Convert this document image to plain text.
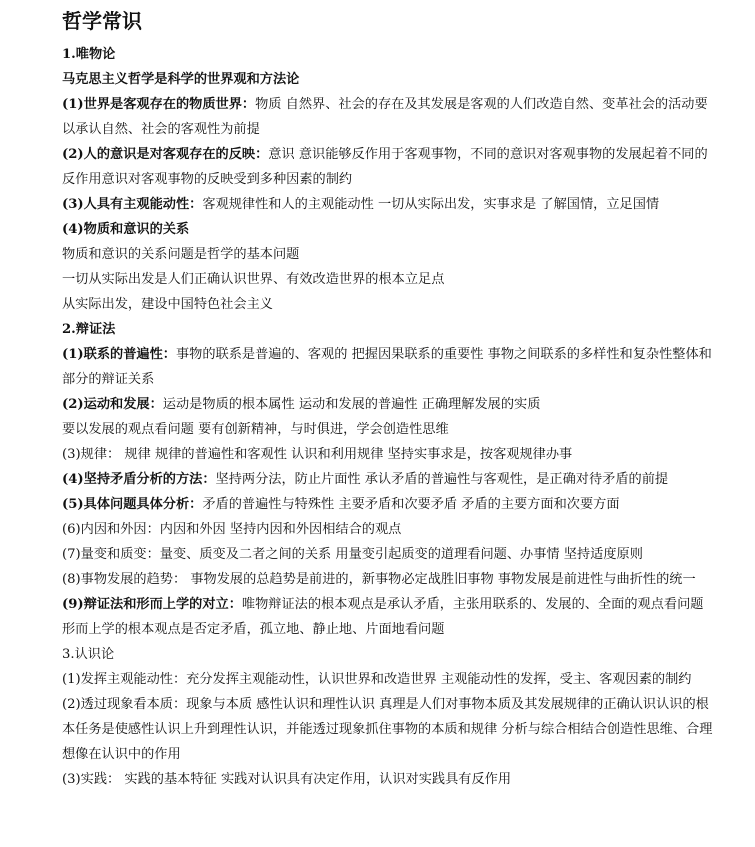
哲学常识

1.唯物论

马克思主义哲学是科学的世界观和方法论

(1)世界是客观存在的物质世界：物质 自然界、社会的存在及其发展是客观的人们改造自然、变革社会的活动要以承认自然、社会的客观性为前提

(2)人的意识是对客观存在的反映：意识 意识能够反作用于客观事物，不同的意识对客观事物的发展起着不同的反作用意识对客观事物的反映受到多种因素的制约

(3)人具有主观能动性：客观规律性和人的主观能动性 一切从实际出发，实事求是 了解国情，立足国情

(4)物质和意识的关系

物质和意识的关系问题是哲学的基本问题

一切从实际出发是人们正确认识世界、有效改造世界的根本立足点

从实际出发，建设中国特色社会主义

2.辩证法

(1)联系的普遍性：事物的联系是普遍的、客观的 把握因果联系的重要性 事物之间联系的多样性和复杂性整体和部分的辩证关系

(2)运动和发展：运动是物质的根本属性 运动和发展的普遍性 正确理解发展的实质

要以发展的观点看问题 要有创新精神，与时俱进，学会创造性思维

(3)规律： 规律 规律的普遍性和客观性 认识和利用规律 坚持实事求是，按客观规律办事

(4)坚持矛盾分析的方法：坚持两分法，防止片面性 承认矛盾的普遍性与客观性，是正确对待矛盾的前提

(5)具体问题具体分析：矛盾的普遍性与特殊性 主要矛盾和次要矛盾 矛盾的主要方面和次要方面

(6)内因和外因：内因和外因 坚持内因和外因相结合的观点

(7)量变和质变：量变、质变及二者之间的关系 用量变引起质变的道理看问题、办事情 坚持适度原则

(8)事物发展的趋势： 事物发展的总趋势是前进的，新事物必定战胜旧事物 事物发展是前进性与曲折性的统一

(9)辩证法和形而上学的对立：唯物辩证法的根本观点是承认矛盾，主张用联系的、发展的、全面的观点看问题形而上学的根本观点是否定矛盾，孤立地、静止地、片面地看问题

3.认识论

(1)发挥主观能动性：充分发挥主观能动性，认识世界和改造世界 主观能动性的发挥，受主、客观因素的制约

(2)透过现象看本质：现象与本质 感性认识和理性认识 真理是人们对事物本质及其发展规律的正确认识认识的根本任务是使感性认识上升到理性认识，并能透过现象抓住事物的本质和规律 分析与综合相结合创造性思维、合理想像在认识中的作用

(3)实践： 实践的基本特征 实践对认识具有决定作用，认识对实践具有反作用
